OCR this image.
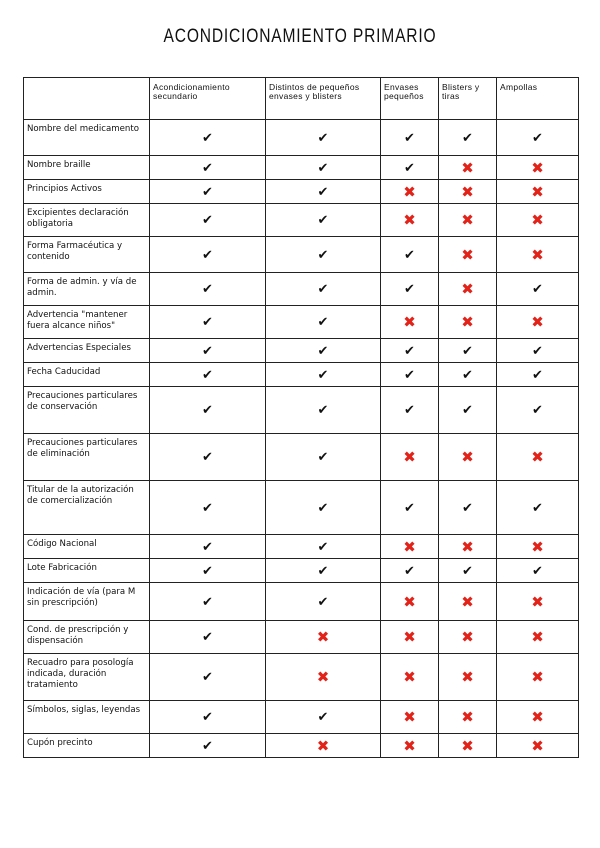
ACONDICIONAMIENTO PRIMARIO
	Acondicionamiento secundario	Distintos de pequeños envases y blisters	Envases pequeños	Blisters y tiras	Ampollas
Nombre del medicamento	✔	✔	✔	✔	✔
Nombre braille	✔	✔	✔	✖	✖
Principios Activos	✔	✔	✖	✖	✖
Excipientes declaración obligatoria	✔	✔	✖	✖	✖
Forma Farmacéutica y contenido	✔	✔	✔	✖	✖
Forma de admin. y vía de admin.	✔	✔	✔	✖	✔
Advertencia "mantener fuera alcance niños"	✔	✔	✖	✖	✖
Advertencias Especiales	✔	✔	✔	✔	✔
Fecha Caducidad	✔	✔	✔	✔	✔
Precauciones particulares de conservación	✔	✔	✔	✔	✔
Precauciones particulares de eliminación	✔	✔	✖	✖	✖
Titular de la autorización de comercialización	✔	✔	✔	✔	✔
Código Nacional	✔	✔	✖	✖	✖
Lote Fabricación	✔	✔	✔	✔	✔
Indicación de vía (para M sin prescripción)	✔	✔	✖	✖	✖
Cond. de prescripción y dispensación	✔	✖	✖	✖	✖
Recuadro para posología indicada, duración tratamiento	✔	✖	✖	✖	✖
Símbolos, siglas, leyendas	✔	✔	✖	✖	✖
Cupón precinto	✔	✖	✖	✖	✖
